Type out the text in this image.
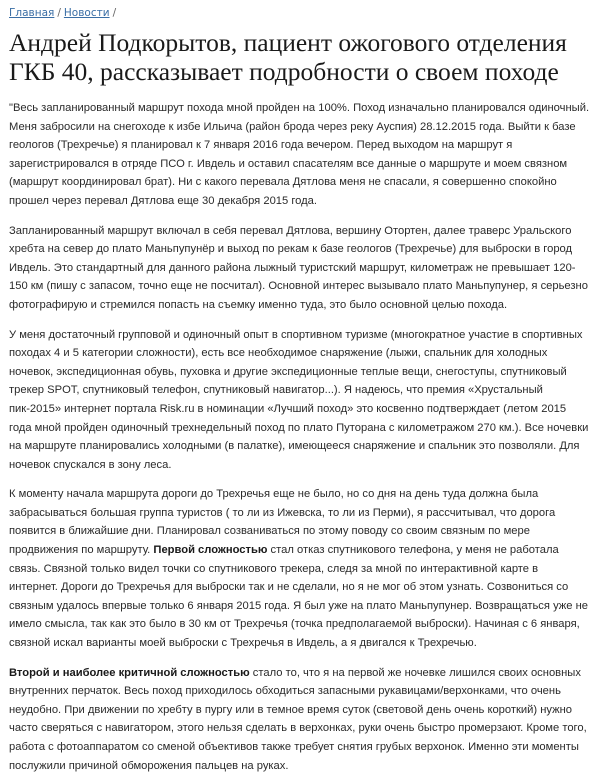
Главная / Новости /
Андрей Подкорытов, пациент ожогового отделения ГКБ 40, рассказывает подробности о своем походе

"Весь запланированный маршрут похода мной пройден на 100%. Поход изначально планировался одиночный. Меня забросили на снегоходе к избе Ильича (район брода через реку Ауспия) 28.12.2015 года. Выйти к базе геологов (Трехречье) я планировал к 7 января 2016 года вечером. Перед выходом на маршрут я зарегистрировался в отряде ПСО г. Ивдель и оставил спасателям все данные о маршруте и моем связном (маршрут координировал брат). Ни с какого перевала Дятлова меня не спасали, я совершенно спокойно прошел через перевал Дятлова еще 30 декабря 2015 года.

Запланированный маршрут включал в себя перевал Дятлова, вершину Отортен, далее траверс Уральского хребта на север до плато Маньпупунёр и выход по рекам к базе геологов (Трехречье) для выброски в город Ивдель. Это стандартный для данного района лыжный туристский маршрут, километраж не превышает 120-150 км (пишу с запасом, точно еще не посчитал). Основной интерес вызывало плато Маньпупунер, я серьезно фотографирую и стремился попасть на съемку именно туда, это было основной целью похода.

У меня достаточный групповой и одиночный опыт в спортивном туризме (многократное участие в спортивных походах 4 и 5 категории сложности), есть все необходимое снаряжение (лыжи, спальник для холодных ночевок, экспедиционная обувь, пуховка и другие экспедиционные теплые вещи, снегоступы, спутниковый трекер SPOT, спутниковый телефон, спутниковый навигатор...). Я надеюсь, что премия «Хрустальный пик-2015» интернет портала Risk.ru в номинации «Лучший поход» это косвенно подтверждает (летом 2015 года мной пройден одиночный трехнедельный поход по плато Путорана с километражом 270 км.). Все ночевки на маршруте планировались холодными (в палатке), имеющееся снаряжение и спальник это позволяли. Для ночевок спускался в зону леса.

К моменту начала маршрута дороги до Трехречья еще не было, но со дня на день туда должна была забрасываться большая группа туристов ( то ли из Ижевска, то ли из Перми), я рассчитывал, что дорога появится в ближайшие дни. Планировал созваниваться по этому поводу со своим связным по мере продвижения по маршруту. Первой сложностью стал отказ спутникового телефона, у меня не работала связь. Связной только видел точки со спутникового трекера, следя за мной по интерактивной карте в интернет. Дороги до Трехречья для выброски так и не сделали, но я не мог об этом узнать. Созвониться со связным удалось впервые только 6 января 2015 года. Я был уже на плато Маньпупунер. Возвращаться уже не имело смысла, так как это было в 30 км от Трехречья (точка предполагаемой выброски). Начиная с 6 января, связной искал варианты моей выброски с Трехречья в Ивдель, а я двигался к Трехречью.

Второй и наиболее критичной сложностью стало то, что я на первой же ночевке лишился своих основных внутренних перчаток. Весь поход приходилось обходиться запасными рукавицами/верхонками, что очень неудобно. При движении по хребту в пургу или в темное время суток (световой день очень короткий) нужно часто сверяться с навигатором, этого нельзя сделать в верхонках, руки очень быстро промерзают. Кроме того, работа с фотоаппаратом со сменой объективов также требует снятия грубых верхонок. Именно эти моменты послужили причиной обморожения пальцев на руках.
